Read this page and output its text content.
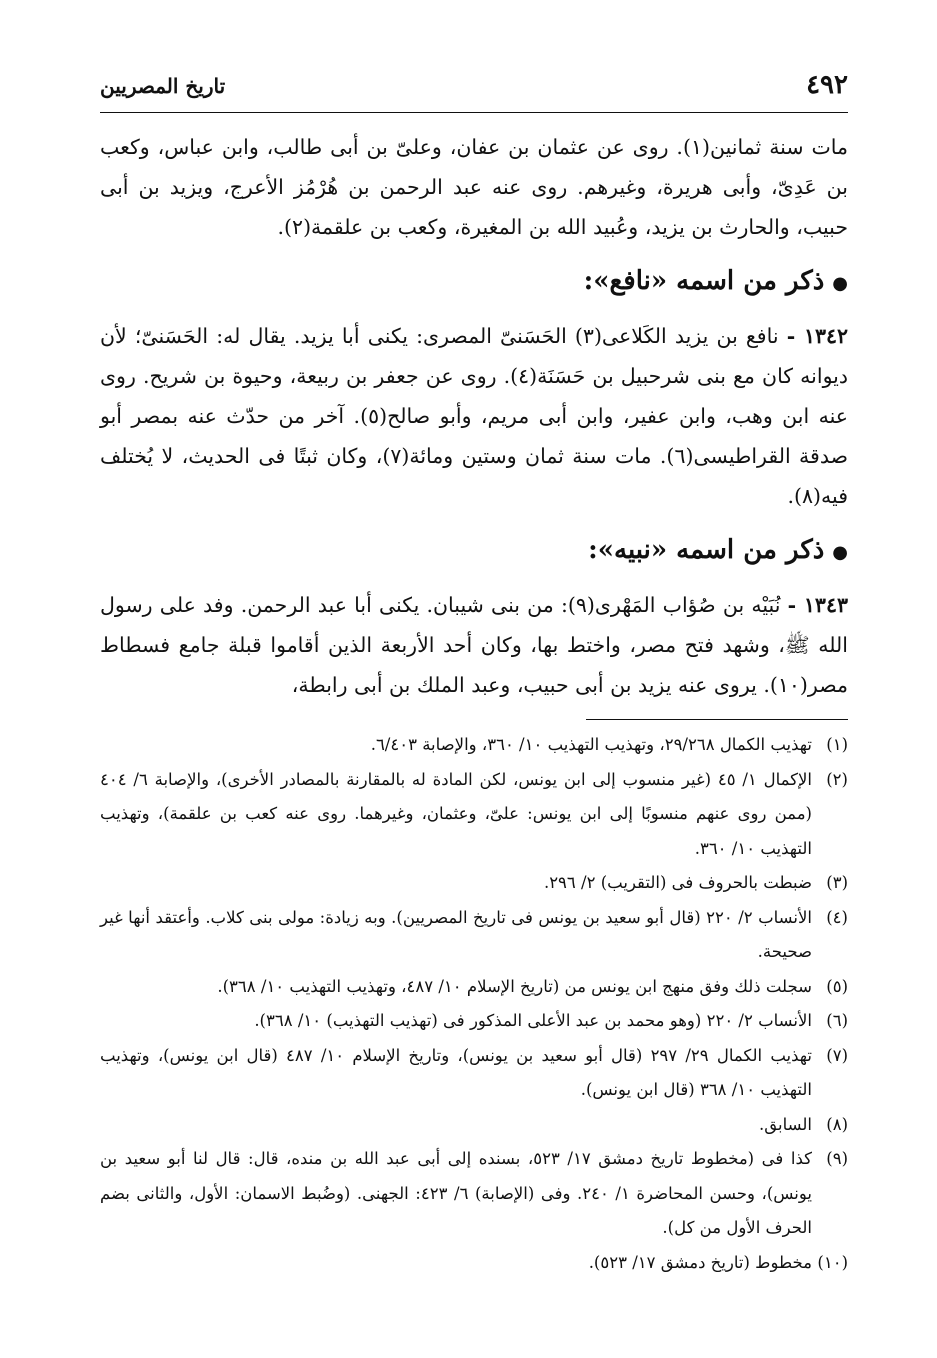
٤٩٢
تاريخ المصريين

مات سنة ثمانين(١). روى عن عثمان بن عفان، وعلىّ بن أبى طالب، وابن عباس، وكعب بن عَدِىّ، وأبى هريرة، وغيرهم. روى عنه عبد الرحمن بن هُرْمُز الأعرج، ويزيد بن أبى حبيب، والحارث بن يزيد، وعُبيد الله بن المغيرة، وكعب بن علقمة(٢).

●ذكر من اسمه «نافع»:

١٣٤٢ - نافع بن يزيد الكَلاعى(٣) الحَسَنىّ المصرى: يكنى أبا يزيد. يقال له: الحَسَنىّ؛ لأن ديوانه كان مع بنى شرحبيل بن حَسَنَة(٤). روى عن جعفر بن ربيعة، وحيوة بن شريح. روى عنه ابن وهب، وابن عفير، وابن أبى مريم، وأبو صالح(٥). آخر من حدّث عنه بمصر أبو صدقة القراطيسى(٦). مات سنة ثمان وستين ومائة(٧)، وكان ثبتًا فى الحديث، لا يُختلف فيه(٨).

●ذكر من اسمه «نبيه»:

١٣٤٣ - نُبَيْه بن صُؤاب المَهْرى(٩): من بنى شيبان. يكنى أبا عبد الرحمن. وفد على رسول الله ﷺ، وشهد فتح مصر، واختط بها، وكان أحد الأربعة الذين أقاموا قبلة جامع فسطاط مصر(١٠). يروى عنه يزيد بن أبى حبيب، وعبد الملك بن أبى رابطة،

(١)تهذيب الكمال ٢٩/٢٦٨، وتهذيب التهذيب ١٠/ ٣٦٠، والإصابة ٦/٤٠٣.

(٢)الإكمال ١/ ٤٥ (غير منسوب إلى ابن يونس، لكن المادة له بالمقارنة بالمصادر الأخرى)، والإصابة ٦/ ٤٠٤ (ممن روى عنهم منسوبًا إلى ابن يونس: علىّ، وعثمان، وغيرهما. روى عنه كعب بن علقمة)، وتهذيب التهذيب ١٠/ ٣٦٠.

(٣)ضبطت بالحروف فى (التقريب) ٢/ ٢٩٦.

(٤)الأنساب ٢/ ٢٢٠ (قال أبو سعيد بن يونس فى تاريخ المصريين). وبه زيادة: مولى بنى كلاب. وأعتقد أنها غير صحيحة.

(٥)سجلت ذلك وفق منهج ابن يونس من (تاريخ الإسلام ١٠/ ٤٨٧، وتهذيب التهذيب ١٠/ ٣٦٨).

(٦)الأنساب ٢/ ٢٢٠ (وهو محمد بن عبد الأعلى المذكور فى (تهذيب التهذيب) ١٠/ ٣٦٨).

(٧)تهذيب الكمال ٢٩/ ٢٩٧ (قال أبو سعيد بن يونس)، وتاريخ الإسلام ١٠/ ٤٨٧ (قال ابن يونس)، وتهذيب التهذيب ١٠/ ٣٦٨ (قال ابن يونس).

(٨)السابق.

(٩)كذا فى (مخطوط تاريخ دمشق ١٧/ ٥٢٣، بسنده إلى أبى عبد الله بن منده، قال: قال لنا أبو سعيد بن يونس)، وحسن المحاضرة ١/ ٢٤٠. وفى (الإصابة) ٦/ ٤٢٣: الجهنى. (وضُبط الاسمان: الأول، والثانى بضم الحرف الأول من كل).

(١٠)مخطوط (تاريخ دمشق ١٧/ ٥٢٣).
